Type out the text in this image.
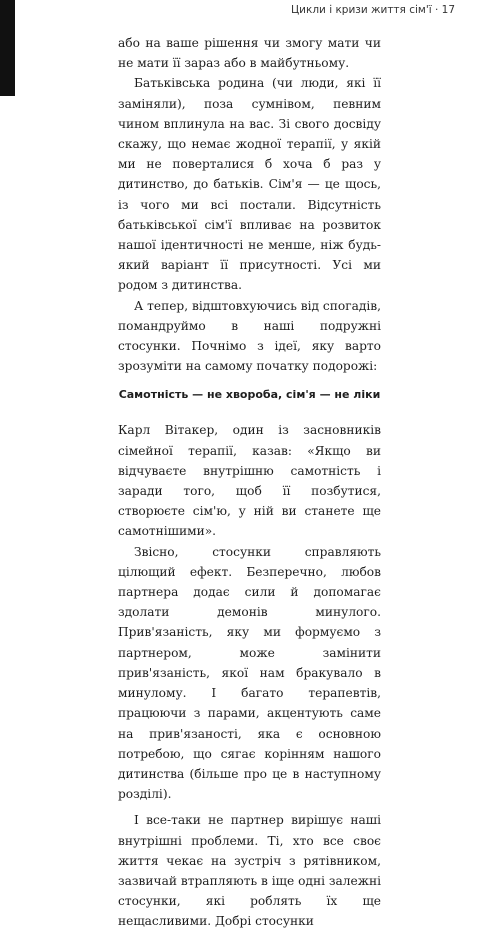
Цикли і кризи життя сім'ї · 17

або на ваше рішення чи змогу мати чи не мати її зараз або в майбутньому.

Батьківська родина (чи люди, які її заміняли), поза сумнівом, певним чином вплинула на вас. Зі свого досвіду скажу, що немає жодної терапії, у якій ми не поверталися б хоча б раз у дитинство, до батьків. Сім'я — це щось, із чого ми всі постали. Відсутність батьківської сім'ї впливає на розвиток нашої ідентичності не менше, ніж будь-який варіант її присутності. Усі ми родом з дитинства.

А тепер, відштовхуючись від спогадів, помандруймо в наші подружні стосунки. Почнімо з ідеї, яку варто зрозуміти на самому початку подорожі:

Самотність — не хвороба, сім'я — не ліки

Карл Вітакер, один із засновників сімейної терапії, казав: «Якщо ви відчуваєте внутрішню самотність і заради того, щоб її позбутися, створюєте сім'ю, у ній ви станете ще самотнішими».

Звісно, стосунки справляють цілющий ефект. Безперечно, любов партнера додає сили й допомагає здолати демонів минулого. Прив'язаність, яку ми формуємо з партнером, може замінити прив'язаність, якої нам бракувало в минулому. І багато терапевтів, працюючи з парами, акцентують саме на прив'язаності, яка є основною потребою, що сягає корінням нашого дитинства (більше про це в наступному розділі).

І все-таки не партнер вирішує наші внутрішні проблеми. Ті, хто все своє життя чекає на зустріч з рятівником, зазвичай втрапляють в іще одні залежні стосунки, які роблять їх ще нещасливими. Добрі стосунки
